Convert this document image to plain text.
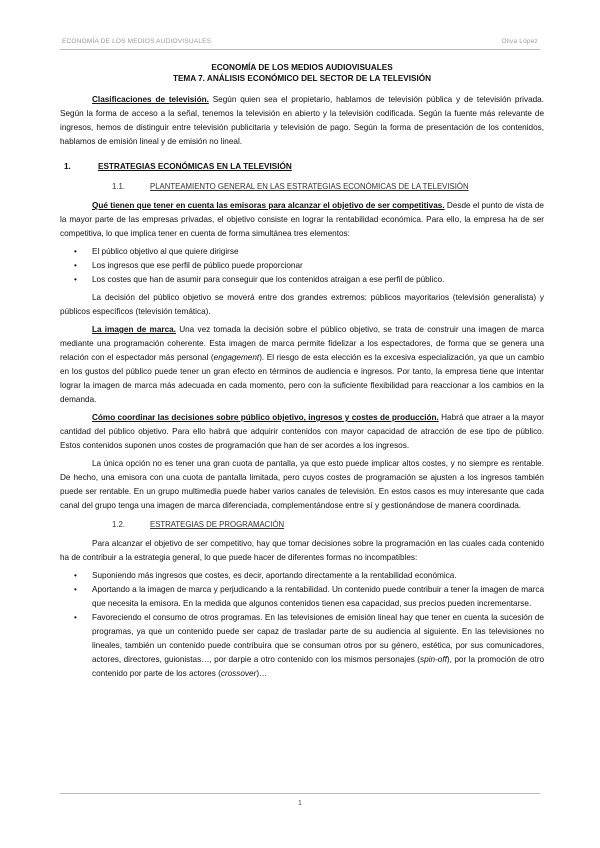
ECONOMÍA DE LOS MEDIOS AUDIOVISUALES	Oliva López
ECONOMÍA DE LOS MEDIOS AUDIOVISUALES
TEMA 7. ANÁLISIS ECONÓMICO DEL SECTOR DE LA TELEVISIÓN

Clasificaciones de televisión. Según quien sea el propietario, hablamos de televisión pública y de televisión privada. Según la forma de acceso a la señal, tenemos la televisión en abierto y la televisión codificada. Según la fuente más relevante de ingresos, hemos de distinguir entre televisión publicitaria y televisión de pago. Según la forma de presentación de los contenidos, hablamos de emisión lineal y de emisión no lineal.

1.	ESTRATEGIAS ECONÓMICAS EN LA TELEVISIÓN
1.1.	PLANTEAMIENTO GENERAL EN LAS ESTRATEGIAS ECONÓMICAS DE LA TELEVISIÓN

Qué tienen que tener en cuenta las emisoras para alcanzar el objetivo de ser competitivas. Desde el punto de vista de la mayor parte de las empresas privadas, el objetivo consiste en lograr la rentabilidad económica. Para ello, la empresa ha de ser competitiva, lo que implica tener en cuenta de forma simultánea tres elementos:

• El público objetivo al que quiere dirigirse
• Los ingresos que ese perfil de público puede proporcionar
• Los costes que han de asumir para conseguir que los contenidos atraigan a ese perfil de público.

La decisión del público objetivo se moverá entre dos grandes extremos: públicos mayoritarios (televisión generalista) y públicos específicos (televisión temática).

La imagen de marca. Una vez tomada la decisión sobre el público objetivo, se trata de construir una imagen de marca mediante una programación coherente. Esta imagen de marca permite fidelizar a los espectadores, de forma que se genera una relación con el espectador más personal (engagement). El riesgo de esta elección es la excesiva especialización, ya que un cambio en los gustos del público puede tener un gran efecto en términos de audiencia e ingresos. Por tanto, la empresa tiene que intentar lograr la imagen de marca más adecuada en cada momento, pero con la suficiente flexibilidad para reaccionar a los cambios en la demanda.

Cómo coordinar las decisiones sobre público objetivo, ingresos y costes de producción. Habrá que atraer a la mayor cantidad del público objetivo. Para ello habrá que adquirir contenidos con mayor capacidad de atracción de ese tipo de público. Estos contenidos suponen unos costes de programación que han de ser acordes a los ingresos.

La única opción no es tener una gran cuota de pantalla, ya que esto puede implicar altos costes, y no siempre es rentable. De hecho, una emisora con una cuota de pantalla limitada, pero cuyos costes de programación se ajusten a los ingresos también puede ser rentable. En un grupo multimedia puede haber varios canales de televisión. En estos casos es muy interesante que cada canal del grupo tenga una imagen de marca diferenciada, complementándose entre sí y gestionándose de manera coordinada.

1.2.	ESTRATEGIAS DE PROGRAMACIÓN

Para alcanzar el objetivo de ser competitivo, hay que tomar decisiones sobre la programación en las cuales cada contenido ha de contribuir a la estrategia general, lo que puede hacer de diferentes formas no incompatibles:

• Suponiendo más ingresos que costes, es decir, aportando directamente a la rentabilidad económica.
• Aportando a la imagen de marca y perjudicando a la rentabilidad. Un contenido puede contribuir a tener la imagen de marca que necesita la emisora. En la medida que algunos contenidos tienen esa capacidad, sus precios pueden incrementarse.
• Favoreciendo el consumo de otros programas. En las televisiones de emisión lineal hay que tener en cuenta la sucesión de programas, ya que un contenido puede ser capaz de trasladar parte de su audiencia al siguiente. En las televisiones no lineales, también un contenido puede contribuira que se consuman otros por su género, estética, por sus comunicadores, actores, directores, guionistas…, por darpie a otro contenido con los mismos personajes (spin-off), por la promoción de otro contenido por parte de los actores (crossover)…
1
